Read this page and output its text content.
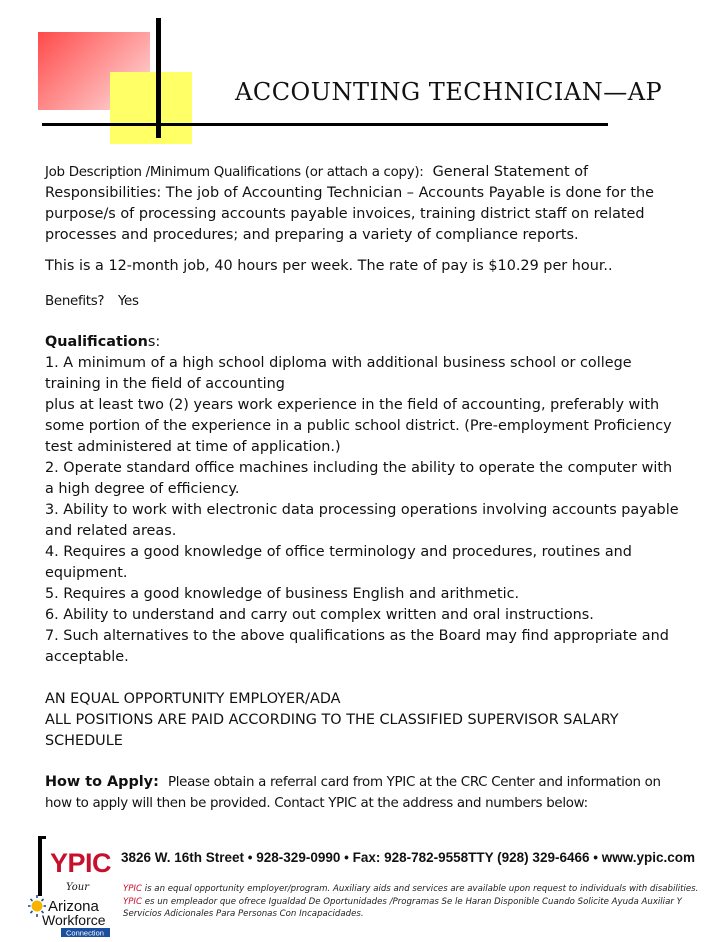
ACCOUNTING TECHNICIAN—AP

Job Description /Minimum Qualifications (or attach a copy): General Statement of Responsibilities: The job of Accounting Technician – Accounts Payable is done for the purpose/s of processing accounts payable invoices, training district staff on related processes and procedures; and preparing a variety of compliance reports.

This is a 12-month job, 40 hours per week. The rate of pay is $10.29 per hour..

Benefits? Yes

Qualifications:

1. A minimum of a high school diploma with additional business school or college training in the field of accounting

plus at least two (2) years work experience in the field of accounting, preferably with some portion of the experience in a public school district. (Pre-employment Proficiency test administered at time of application.)

2. Operate standard office machines including the ability to operate the computer with a high degree of efficiency.

3. Ability to work with electronic data processing operations involving accounts payable and related areas.

4. Requires a good knowledge of office terminology and procedures, routines and equipment.

5. Requires a good knowledge of business English and arithmetic.

6. Ability to understand and carry out complex written and oral instructions.

7. Such alternatives to the above qualifications as the Board may find appropriate and acceptable.

AN EQUAL OPPORTUNITY EMPLOYER/ADA

ALL POSITIONS ARE PAID ACCORDING TO THE CLASSIFIED SUPERVISOR SALARY SCHEDULE

How to Apply: Please obtain a referral card from YPIC at the CRC Center and information on how to apply will then be provided. Contact YPIC at the address and numbers below:

YPIC
Your
Arizona
Workforce
Connection
3826 W. 16th Street • 928-329-0990 • Fax: 928-782-9558TTY (928) 329-6466 • www.ypic.com
YPIC is an equal opportunity employer/program. Auxiliary aids and services are available upon request to individuals with disabilities.
YPIC es un empleador que ofrece Igualdad De Oportunidades /Programas Se le Haran Disponible Cuando Solicite Ayuda Auxiliar Y Servicios Adicionales Para Personas Con Incapacidades.
